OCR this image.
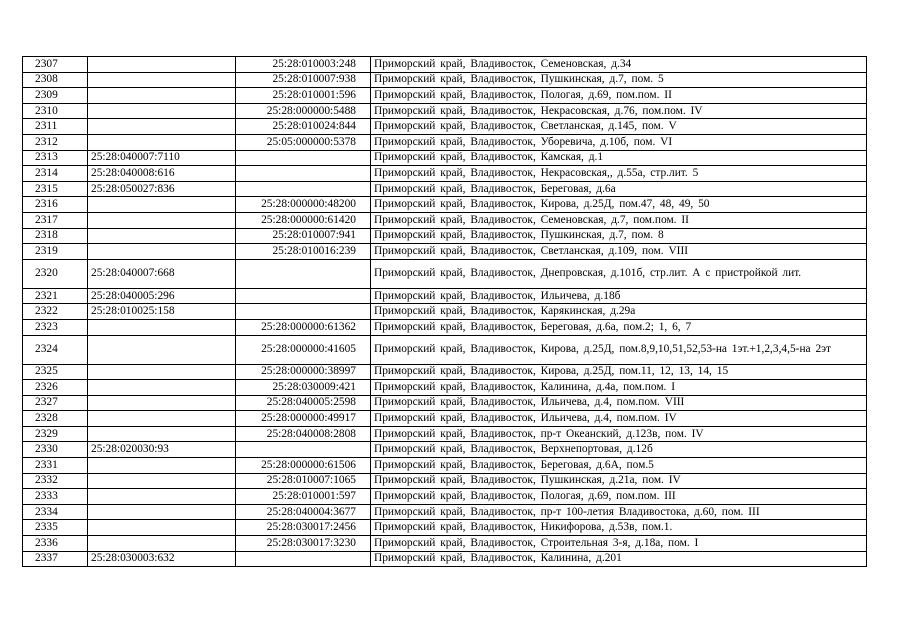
2307		25:28:010003:248	Приморский край, Владивосток, Семеновская, д.34
2308		25:28:010007:938	Приморский край, Владивосток, Пушкинская, д.7, пом. 5
2309		25:28:010001:596	Приморский край, Владивосток, Пологая, д.69, пом.пом. II
2310		25:28:000000:5488	Приморский край, Владивосток, Некрасовская, д.76, пом.пом. IV
2311		25:28:010024:844	Приморский край, Владивосток, Светланская, д.145, пом. V
2312		25:05:000000:5378	Приморский край, Владивосток, Уборевича, д.10б, пом. VI
2313	25:28:040007:7110		Приморский край, Владивосток, Камская, д.1
2314	25:28:040008:616		Приморский край, Владивосток, Некрасовская,, д.55а, стр.лит. 5
2315	25:28:050027:836		Приморский край, Владивосток, Береговая, д.6а
2316		25:28:000000:48200	Приморский край, Владивосток, Кирова, д.25Д, пом.47, 48, 49, 50
2317		25:28:000000:61420	Приморский край, Владивосток, Семеновская, д.7, пом.пом. II
2318		25:28:010007:941	Приморский край, Владивосток, Пушкинская, д.7, пом. 8
2319		25:28:010016:239	Приморский край, Владивосток, Светланская, д.109, пом. VIII
2320	25:28:040007:668		Приморский край, Владивосток, Днепровская, д.101б, стр.лит. А с пристройкой лит.
2321	25:28:040005:296		Приморский край, Владивосток, Ильичева, д.18б
2322	25:28:010025:158		Приморский край, Владивосток, Карякинская, д.29а
2323		25:28:000000:61362	Приморский край, Владивосток, Береговая, д.6а, пом.2; 1, 6, 7
2324		25:28:000000:41605	Приморский край, Владивосток, Кирова, д.25Д, пом.8,9,10,51,52,53-на 1эт.+1,2,3,4,5-на 2эт
2325		25:28:000000:38997	Приморский край, Владивосток, Кирова, д.25Д, пом.11, 12, 13, 14, 15
2326		25:28:030009:421	Приморский край, Владивосток, Калинина, д.4а, пом.пом. I
2327		25:28:040005:2598	Приморский край, Владивосток, Ильичева, д.4, пом.пом. VIII
2328		25:28:000000:49917	Приморский край, Владивосток, Ильичева, д.4, пом.пом. IV
2329		25:28:040008:2808	Приморский край, Владивосток, пр-т Океанский, д.123в, пом. IV
2330	25:28:020030:93		Приморский край, Владивосток, Верхнепортовая, д.12б
2331		25:28:000000:61506	Приморский край, Владивосток, Береговая, д.6А, пом.5
2332		25:28:010007:1065	Приморский край, Владивосток, Пушкинская, д.21а, пом. IV
2333		25:28:010001:597	Приморский край, Владивосток, Пологая, д.69, пом.пом. III
2334		25:28:040004:3677	Приморский край, Владивосток, пр-т 100-летия Владивостока, д.60, пом. III
2335		25:28:030017:2456	Приморский край, Владивосток, Никифорова, д.53в, пом.1.
2336		25:28:030017:3230	Приморский край, Владивосток, Строительная 3-я, д.18а, пом. I
2337	25:28:030003:632		Приморский край, Владивосток, Калинина, д.201
